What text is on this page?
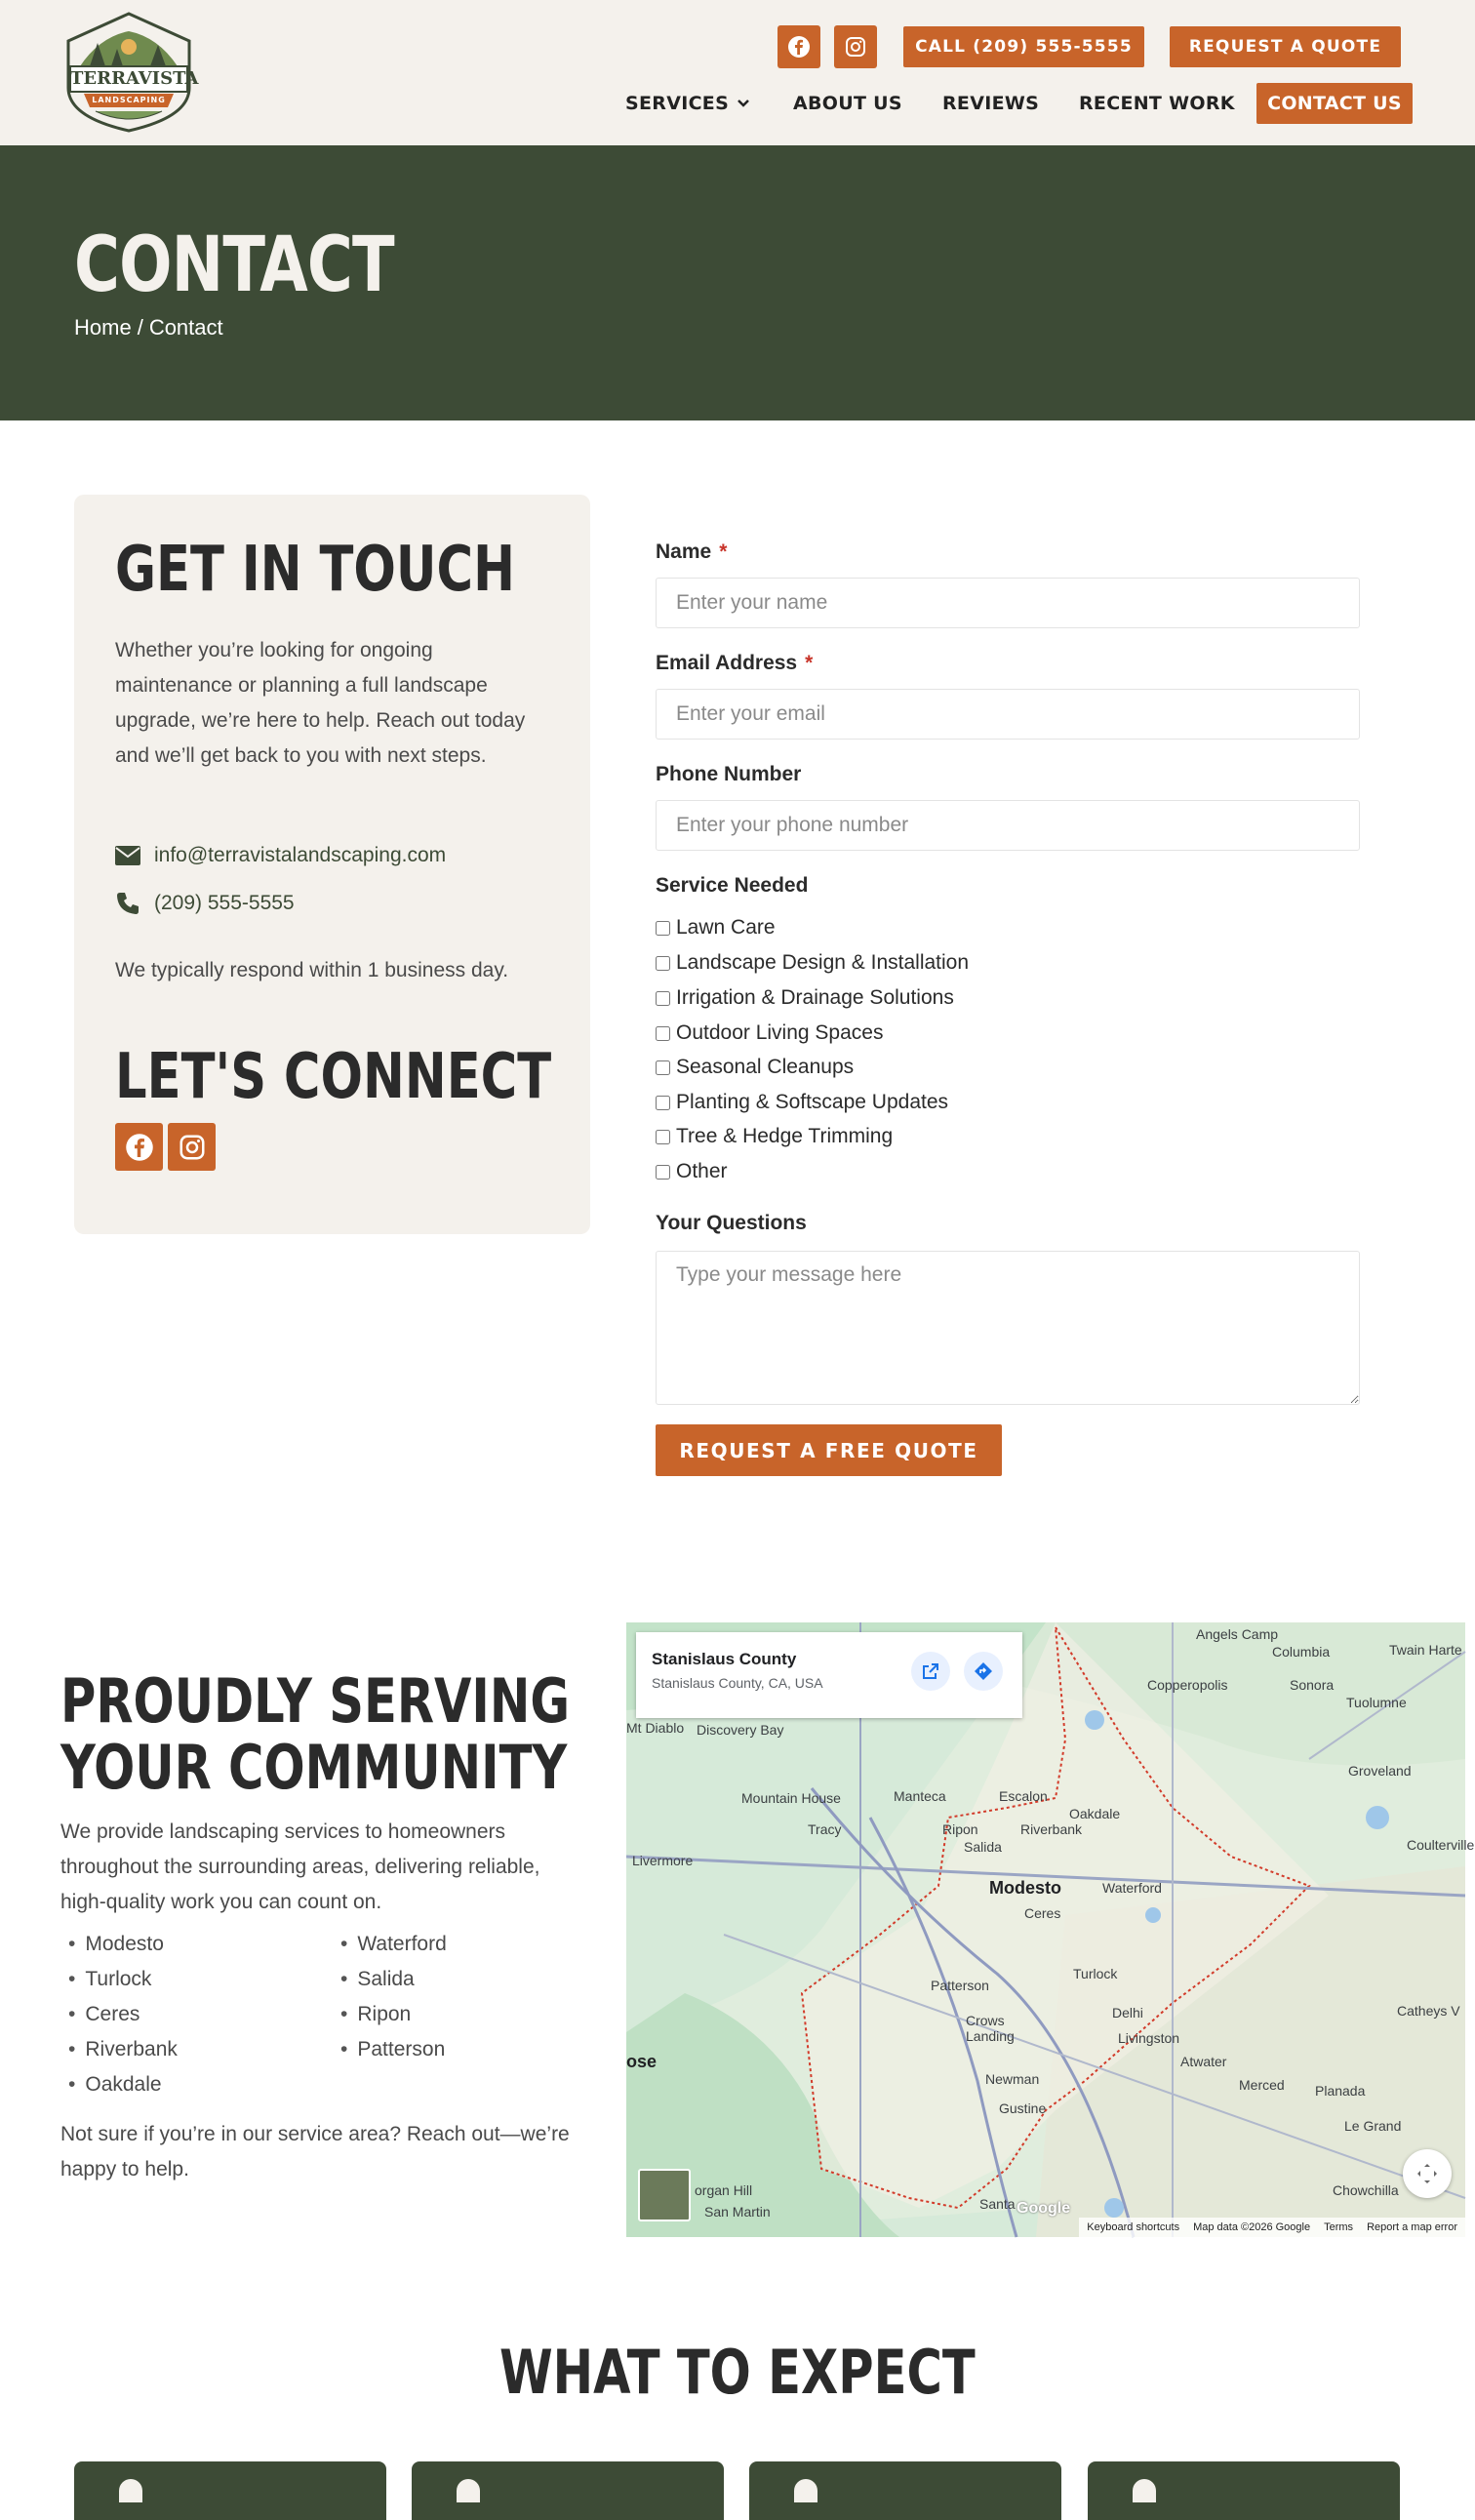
TERRAVISTA
LANDSCAPING
CALL (209) 555-5555	REQUEST A QUOTE
SERVICES	ABOUT US REVIEWS RECENT WORK	CONTACT US
CONTACT
Home / Contact
GET IN TOUCH

Whether you’re looking for ongoing maintenance or planning a full landscape upgrade, we’re here to help. Reach out today and we’ll get back to you with next steps.

info@terravistalandscaping.com
(209) 555-5555

We typically respond within 1 business day.

LET'S CONNECT
Name *
Enter your name
Email Address *
Enter your email
Phone Number
Enter your phone number
Service Needed
Lawn Care
Landscape Design & Installation
Irrigation & Drainage Solutions
Outdoor Living Spaces
Seasonal Cleanups
Planting & Softscape Updates
Tree & Hedge Trimming
Other
Your Questions
Type your message here
REQUEST A FREE QUOTE
PROUDLY SERVING
YOUR COMMUNITY

We provide landscaping services to homeowners throughout the surrounding areas, delivering reliable, high-quality work you can count on.

• Modesto
• Turlock
• Ceres
• Riverbank
• Oakdale
• Waterford
• Salida
• Ripon
• Patterson

Not sure if you’re in our service area? Reach out—we’re happy to help.

Angels Camp
Columbia	Twain Harte
Copperopolis	Sonora
Tuolumne
Mt Diablo Discovery Bay
Groveland
Mountain House	Manteca	Escalon
Oakdale
Tracy	Ripon	Riverbank
Coulterville
Livermore
Salida
Modesto	Waterford
Ceres
Patterson
Turlock
Crows Landing
Delhi
Livingston
Catheys V
ose	Atwater
Newman	Merced Planada
Gustine
Le Grand
organ Hill
San Martin	Santa
Chowchilla
Stanislaus County
Stanislaus County, CA, USA
Google
Keyboard shortcuts Map data ©2026 Google Terms Report a map error
WHAT TO EXPECT
